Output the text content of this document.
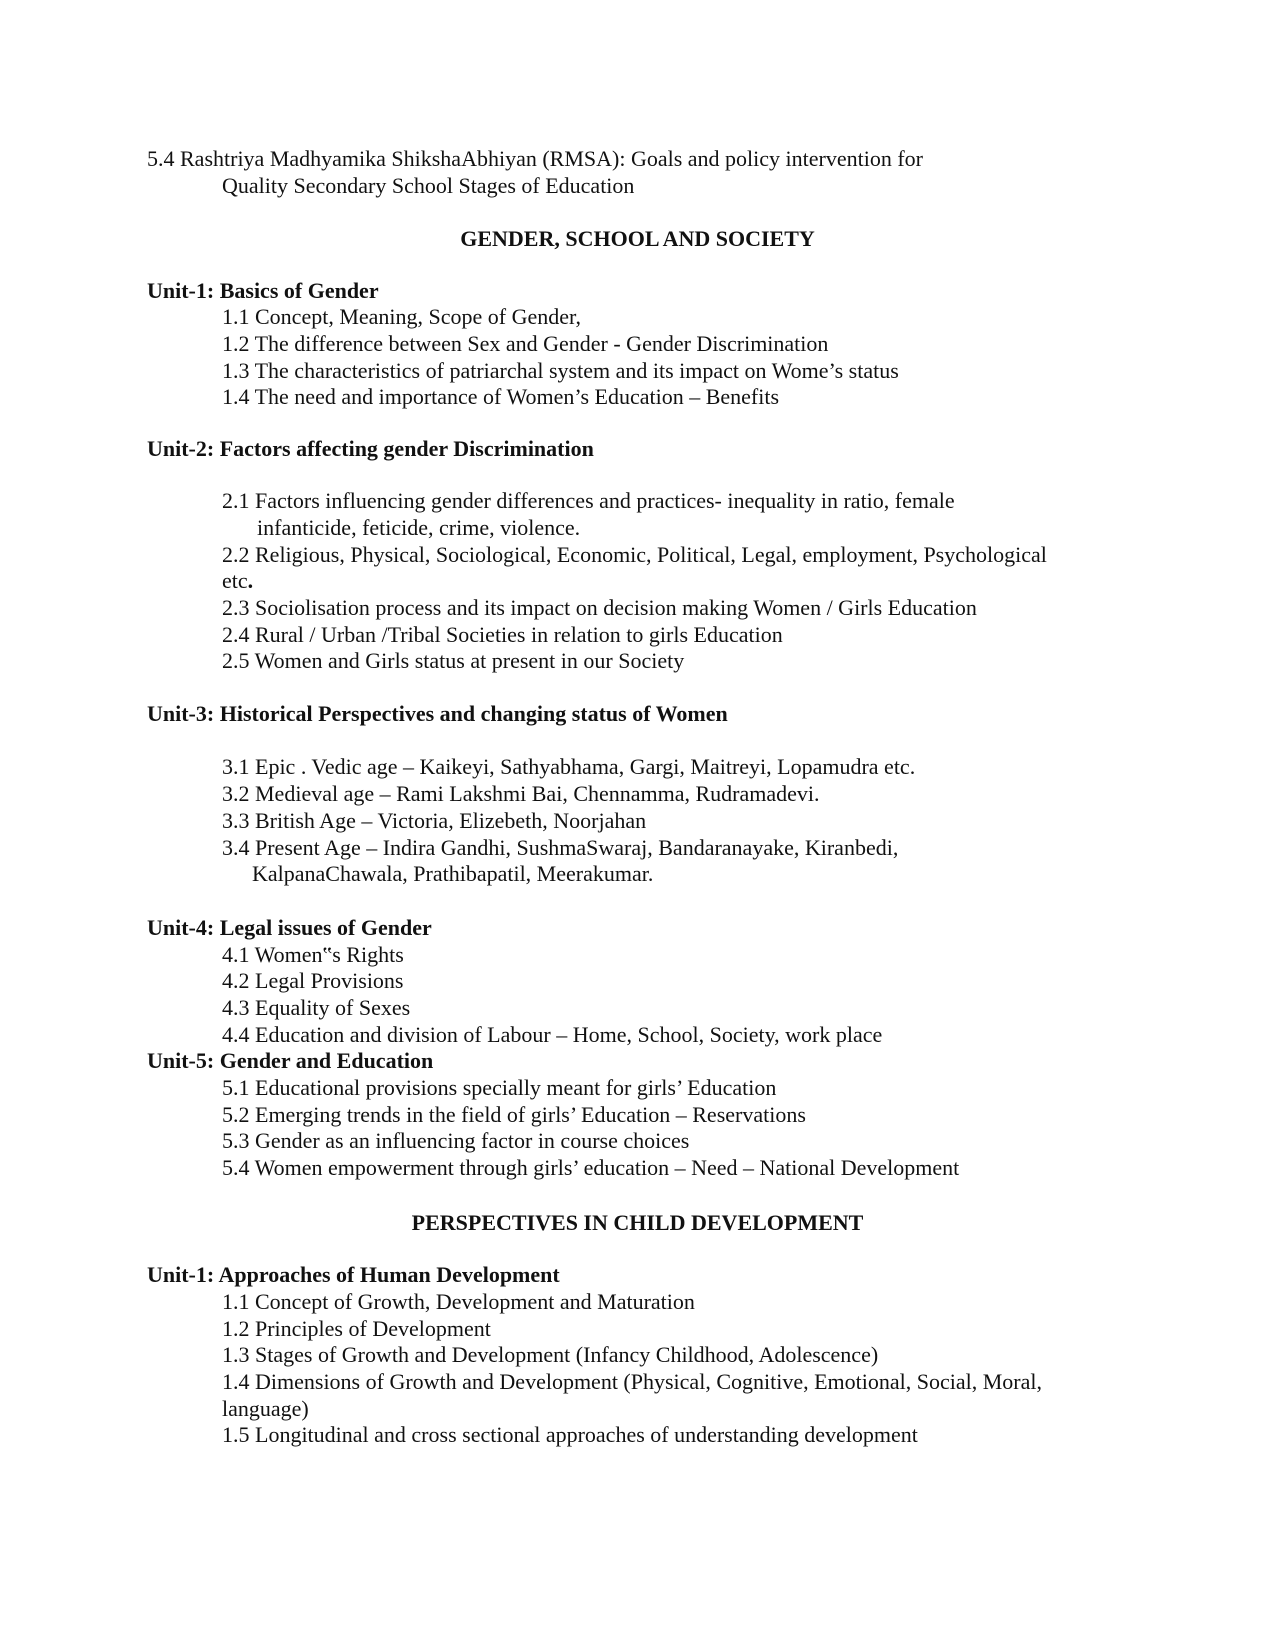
5.4 Rashtriya Madhyamika ShikshaAbhiyan (RMSA): Goals and policy intervention for
Quality Secondary School Stages of Education
GENDER, SCHOOL AND SOCIETY
Unit-1: Basics of Gender
1.1 Concept, Meaning, Scope of Gender,
1.2 The difference between Sex and Gender - Gender Discrimination
1.3 The characteristics of patriarchal system and its impact on Wome’s status
1.4 The need and importance of Women’s Education – Benefits
Unit-2: Factors affecting gender Discrimination
2.1 Factors influencing gender differences and practices- inequality in ratio, female
infanticide, feticide, crime, violence.
2.2 Religious, Physical, Sociological, Economic, Political, Legal, employment, Psychological
etc.
2.3 Sociolisation process and its impact on decision making Women / Girls Education
2.4 Rural / Urban /Tribal Societies in relation to girls Education
2.5 Women and Girls status at present in our Society
Unit-3: Historical Perspectives and changing status of Women
3.1 Epic . Vedic age – Kaikeyi, Sathyabhama, Gargi, Maitreyi, Lopamudra etc.
3.2 Medieval age – Rami Lakshmi Bai, Chennamma, Rudramadevi.
3.3 British Age – Victoria, Elizebeth, Noorjahan
3.4 Present Age – Indira Gandhi, SushmaSwaraj, Bandaranayake, Kiranbedi,
KalpanaChawala, Prathibapatil, Meerakumar.
Unit-4: Legal issues of Gender
4.1 Women‟s Rights
4.2 Legal Provisions
4.3 Equality of Sexes
4.4 Education and division of Labour – Home, School, Society, work place
Unit-5: Gender and Education
5.1 Educational provisions specially meant for girls’ Education
5.2 Emerging trends in the field of girls’ Education – Reservations
5.3 Gender as an influencing factor in course choices
5.4 Women empowerment through girls’ education – Need – National Development
PERSPECTIVES IN CHILD DEVELOPMENT
Unit-1: Approaches of Human Development
1.1 Concept of Growth, Development and Maturation
1.2 Principles of Development
1.3 Stages of Growth and Development (Infancy Childhood, Adolescence)
1.4 Dimensions of Growth and Development (Physical, Cognitive, Emotional, Social, Moral,
language)
1.5 Longitudinal and cross sectional approaches of understanding development
